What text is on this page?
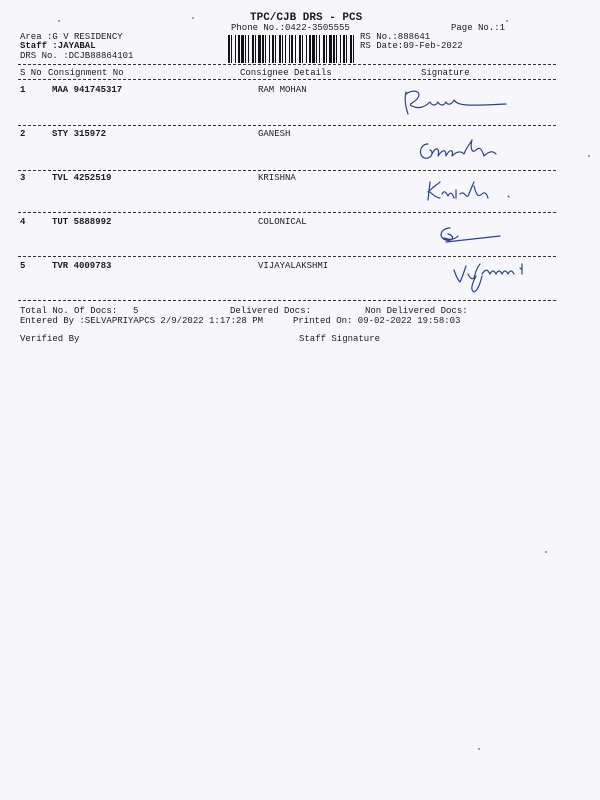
TPC/CJB DRS - PCS
Phone No.:0422-3505555	Page No.:1
Area :G V RESIDENCY
Staff :JAYABAL
DRS No. :DCJB88864101
RS No.:888641
RS Date:09-Feb-2022
S No Consignment No	Consignee Details	Signature
1	MAA 941745317	RAM MOHAN
2	STY 315972	GANESH
3	TVL 4252519	KRISHNA
4	TUT 5888992	COLONICAL
5	TVR 4009783	VIJAYALAKSHMI
Total No. Of Docs: 5	Delivered Docs:	Non Delivered Docs:
Entered By :SELVAPRIYAPCS 2/9/2022 1:17:28 PM	Printed On: 09-02-2022 19:58:03
Verified By	Staff Signature
